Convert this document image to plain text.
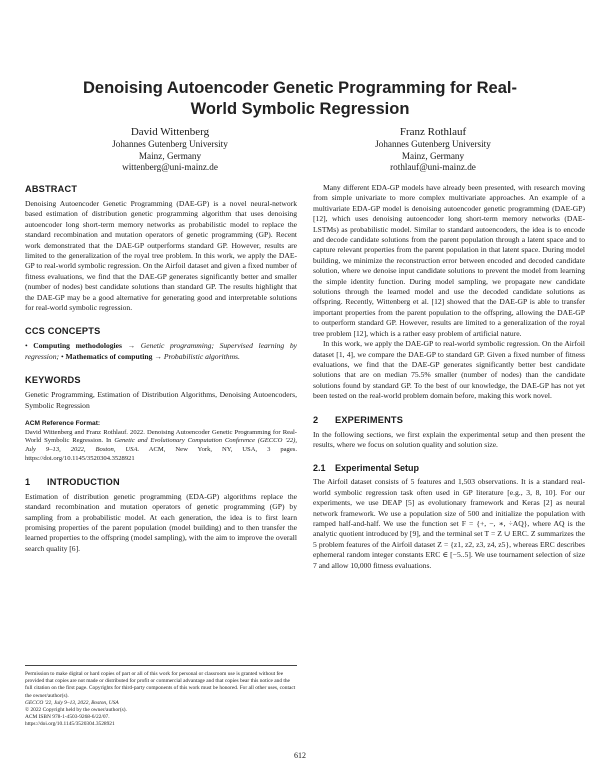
Denoising Autoencoder Genetic Programming for Real-World Symbolic Regression
David Wittenberg
Johannes Gutenberg University
Mainz, Germany
wittenberg@uni-mainz.de
Franz Rothlauf
Johannes Gutenberg University
Mainz, Germany
rothlauf@uni-mainz.de
ABSTRACT

Denoising Autoencoder Genetic Programming (DAE-GP) is a novel neural-network based estimation of distribution genetic programming algorithm that uses denoising autoencoder long short-term memory networks as probabilistic model to replace the standard recombination and mutation operators of genetic programming (GP). Recent work demonstrated that the DAE-GP outperforms standard GP. However, results are limited to the generalization of the royal tree problem. In this work, we apply the DAE-GP to real-world symbolic regression. On the Airfoil dataset and given a fixed number of fitness evaluations, we find that the DAE-GP generates significantly better and smaller (number of nodes) best candidate solutions than standard GP. The results highlight that the DAE-GP may be a good alternative for generating good and interpretable solutions for real-world symbolic regression.

CCS CONCEPTS

• Computing methodologies → Genetic programming; Supervised learning by regression; • Mathematics of computing → Probabilistic algorithms.

KEYWORDS

Genetic Programming, Estimation of Distribution Algorithms, Denoising Autoencoders, Symbolic Regression

ACM Reference Format:

David Wittenberg and Franz Rothlauf. 2022. Denoising Autoencoder Genetic Programming for Real-World Symbolic Regression. In Genetic and Evolutionary Computation Conference (GECCO '22), July 9–13, 2022, Boston, USA. ACM, New York, NY, USA, 3 pages. https://doi.org/10.1145/3520304.3528921

1 INTRODUCTION

Estimation of distribution genetic programming (EDA-GP) algorithms replace the standard recombination and mutation operators of genetic programming (GP) by sampling from a probabilistic model. At each generation, the idea is to first learn promising properties of the parent population (model building) and to then transfer the learned properties to the offspring (model sampling), with the aim to improve the overall search quality [6].

Permission to make digital or hard copies of part or all of this work for personal or classroom use is granted without fee provided that copies are not made or distributed for profit or commercial advantage and that copies bear this notice and the full citation on the first page. Copyrights for third-party components of this work must be honored. For all other uses, contact the owner/author(s).

GECCO '22, July 9–13, 2022, Boston, USA

© 2022 Copyright held by the owner/author(s).

ACM ISBN 978-1-4503-9268-6/22/07.

https://doi.org/10.1145/3520304.3528921

Many different EDA-GP models have already been presented, with research moving from simple univariate to more complex multivariate approaches. An example of a multivariate EDA-GP model is denoising autoencoder genetic programming (DAE-GP) [12], which uses denoising autoencoder long short-term memory networks (DAE-LSTMs) as probabilistic model. Similar to standard autoencoders, the idea is to encode and decode candidate solutions from the parent population through a latent space and to capture relevant properties from the parent population in that latent space. During model building, we minimize the reconstruction error between encoded and decoded candidate solution, where we denoise input candidate solutions to prevent the model from learning the simple identity function. During model sampling, we propagate new candidate solutions through the learned model and use the decoded candidate solutions as offspring. Recently, Wittenberg et al. [12] showed that the DAE-GP is able to transfer important properties from the parent population to the offspring, allowing the DAE-GP to outperform standard GP. However, results are limited to a generalization of the royal tree problem [12], which is a rather easy problem of artificial nature.

In this work, we apply the DAE-GP to real-world symbolic regression. On the Airfoil dataset [1, 4], we compare the DAE-GP to standard GP. Given a fixed number of fitness evaluations, we find that the DAE-GP generates significantly better best candidate solutions that are on median 75.5% smaller (number of nodes) than the candidate solutions found by standard GP. To the best of our knowledge, the DAE-GP has not yet been tested on the real-world problem domain before, making this work novel.

2 EXPERIMENTS

In the following sections, we first explain the experimental setup and then present the results, where we focus on solution quality and solution size.

2.1 Experimental Setup

The Airfoil dataset consists of 5 features and 1,503 observations. It is a standard real-world symbolic regression task often used in GP literature [e.g., 3, 8, 10]. For our experiments, we use DEAP [5] as evolutionary framework and Keras [2] as neural network framework. We use a population size of 500 and initialize the population with ramped half-and-half. We use the function set F = {+, −, ∗, ÷AQ}, where AQ is the analytic quotient introduced by [9], and the terminal set T = Z ∪ ERC. Z summarizes the 5 problem features of the Airfoil dataset Z = {z1, z2, z3, z4, z5}, whereas ERC describes ephemeral random integer constants ERC ∈ [−5..5]. We use tournament selection of size 7 and allow 10,000 fitness evaluations.

612
